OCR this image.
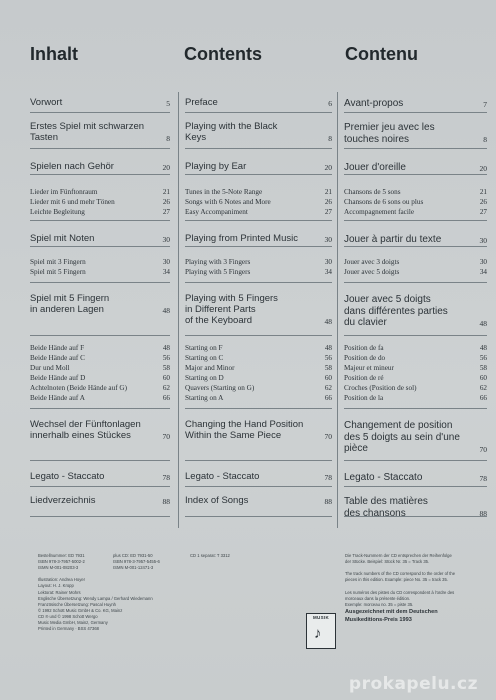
Inhalt	Contents	Contenu
Vorwort	5
Erstes Spiel mit schwarzen
Tasten	8
Spielen nach Gehör	20
Lieder im Fünftonraum	21
Lieder mit 6 und mehr Tönen	26
Leichte Begleitung	27
Spiel mit Noten	30
Spiel mit 3 Fingern	30
Spiel mit 5 Fingern	34
Spiel mit 5 Fingern
in anderen Lagen	48
Beide Hände auf F	48
Beide Hände auf C	56
Dur und Moll	58
Beide Hände auf D	60
Achtelnoten (Beide Hände auf G)	62
Beide Hände auf A	66
Wechsel der Fünftonlagen
innerhalb eines Stückes	70
Legato - Staccato	78
Liedverzeichnis	88
Preface	6
Playing with the Black
Keys	8
Playing by Ear	20
Tunes in the 5-Note Range	21
Songs with 6 Notes and More	26
Easy Accompaniment	27
Playing from Printed Music	30
Playing with 3 Fingers	30
Playing with 5 Fingers	34
Playing with 5 Fingers
in Different Parts
of the Keyboard	48
Starting on F	48
Starting on C	56
Major and Minor	58
Starting on D	60
Quavers (Starting on G)	62
Starting on A	66
Changing the Hand Position
Within the Same Piece	70
Legato - Staccato	78
Index of Songs	88
Avant-propos	7
Premier jeu avec les
touches noires	8
Jouer d'oreille	20
Chansons de 5 sons	21
Chansons de 6 sons ou plus	26
Accompagnement facile	27
Jouer à partir du texte	30
Jouer avec 3 doigts	30
Jouer avec 5 doigts	34
Jouer avec 5 doigts
dans différentes parties
du clavier	48
Position de fa	48
Position de do	56
Majeur et mineur	58
Position de ré	60
Croches (Position de sol)	62
Position de la	66
Changement de position
des 5 doigts au sein d'une
pièce	70
Legato - Staccato	78
Table des matières
des chansons	88
Bestellnummer: ED 7931
ISBN 978-3-7957-5002-2
ISMN M-001-08203-3

Illustration: Andrea Hoyer
Layout: H. J. Kropp
Lektorat: Rainer Mohrs
Englische Übersetzung: Wendy Lampa / Gerhard Wiedemann
Französische Übersetzung: Pascal Huynh
© 1992 Schott Music GmbH & Co. KG, Mainz
CD ℗ und © 1998 Schott Wergo
Music Media GmbH, Mainz, Germany
Printed in Germany · BSS 47368
plus CD: ED 7931-50
ISBN 978-3-7957-5455-6
ISMN M-001-12471-3
CD 1 separat: T 3312	Die Track-Nummern der CD entsprechen der Reihenfolge
der Stücke. Beispiel: Stück Nr. 35 = Track 35.

The track numbers of the CD correspond to the order of the
pieces in this edition. Example: piece No. 35 = track 35.

Les numéros des pistes du CD correspondent à l'ordre des
morceaux dans la présente édition.
Exemple: morceau no. 35 = piste 35.
MUSIK
♪
Ausgezeichnet mit dem Deutschen
Musikeditions-Preis 1993
prokapelu.cz
